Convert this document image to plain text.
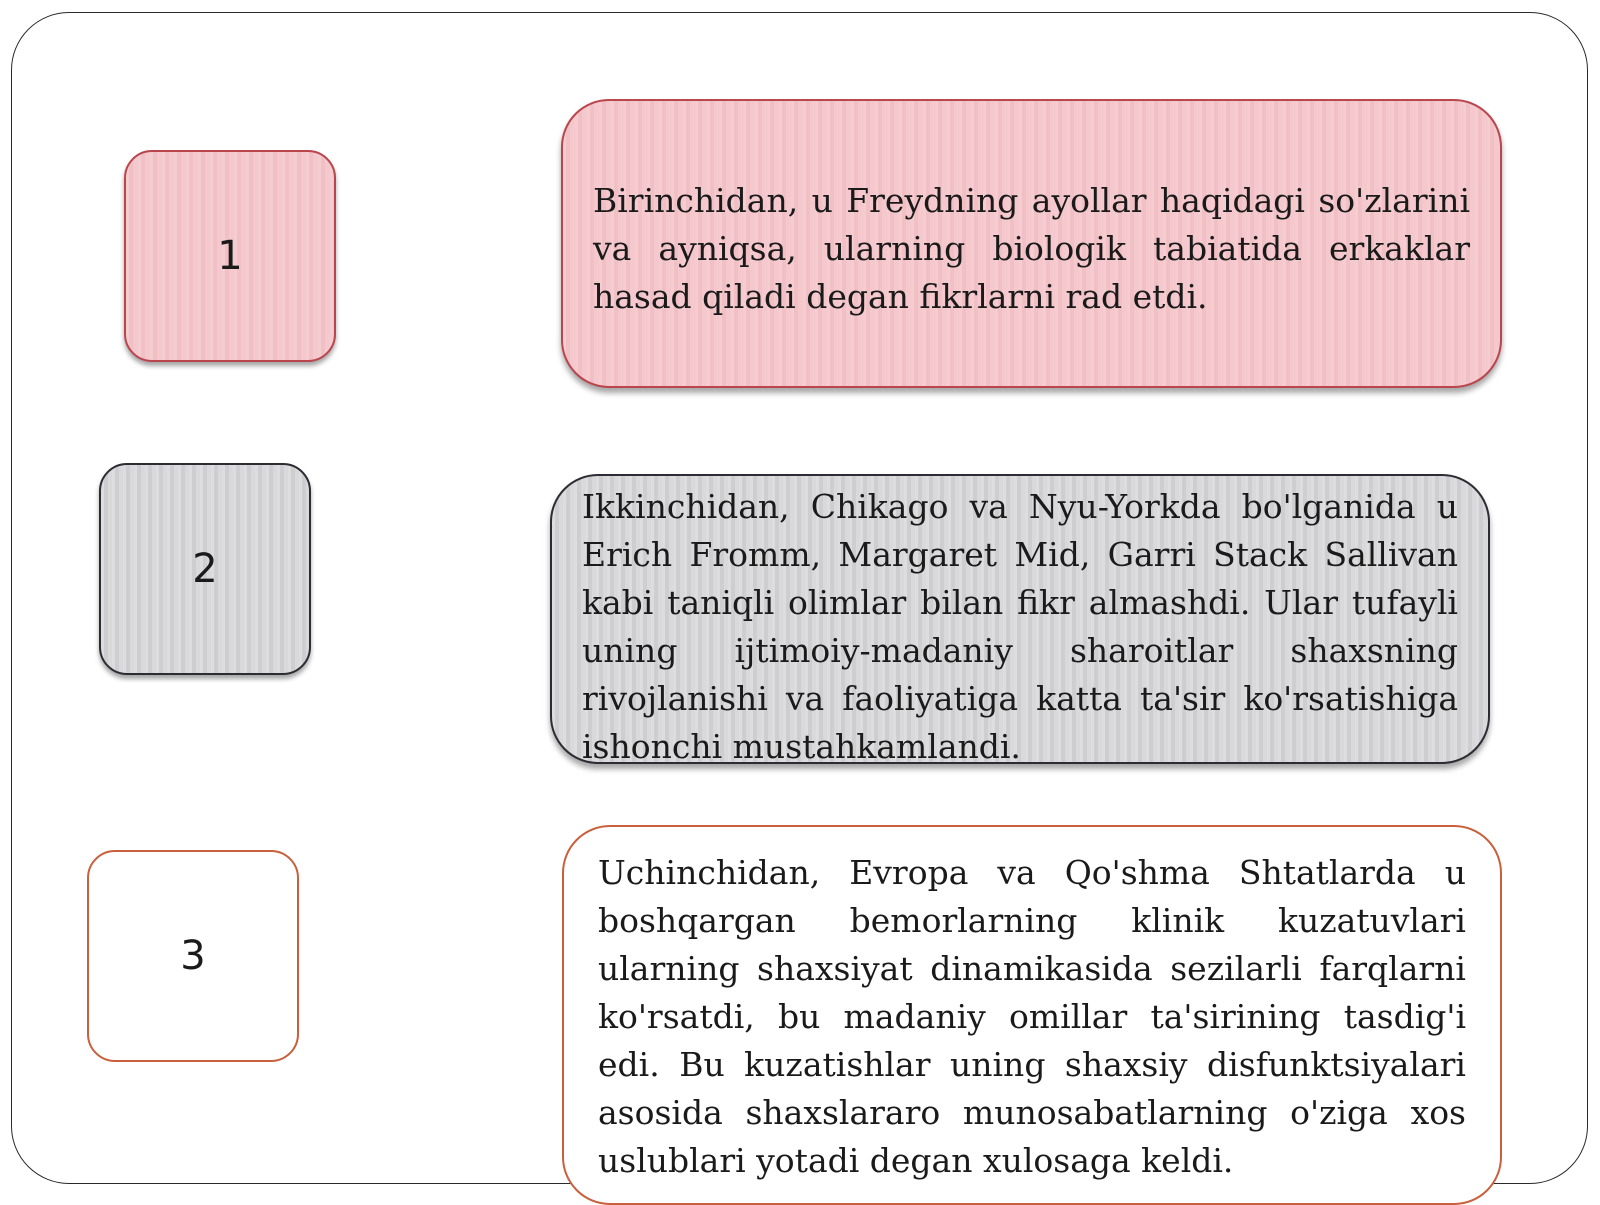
1
Birinchidan, u Freydning ayollar haqidagi so'zlarini va ayniqsa, ularning biologik tabiatida erkaklar hasad qiladi degan fikrlarni rad etdi.
2
Ikkinchidan, Chikago va Nyu-Yorkda bo'lganida u Erich Fromm, Margaret Mid, Garri Stack Sallivan kabi taniqli olimlar bilan fikr almashdi. Ular tufayli uning ijtimoiy-madaniy sharoitlar shaxsning rivojlanishi va faoliyatiga katta ta'sir ko'rsatishiga ishonchi mustahkamlandi.
3
Uchinchidan, Evropa va Qo'shma Shtatlarda u boshqargan bemorlarning klinik kuzatuvlari ularning shaxsiyat dinamikasida sezilarli farqlarni ko'rsatdi, bu madaniy omillar ta'sirining tasdig'i edi. Bu kuzatishlar uning shaxsiy disfunktsiyalari asosida shaxslararo munosabatlarning o'ziga xos uslublari yotadi degan xulosaga keldi.
